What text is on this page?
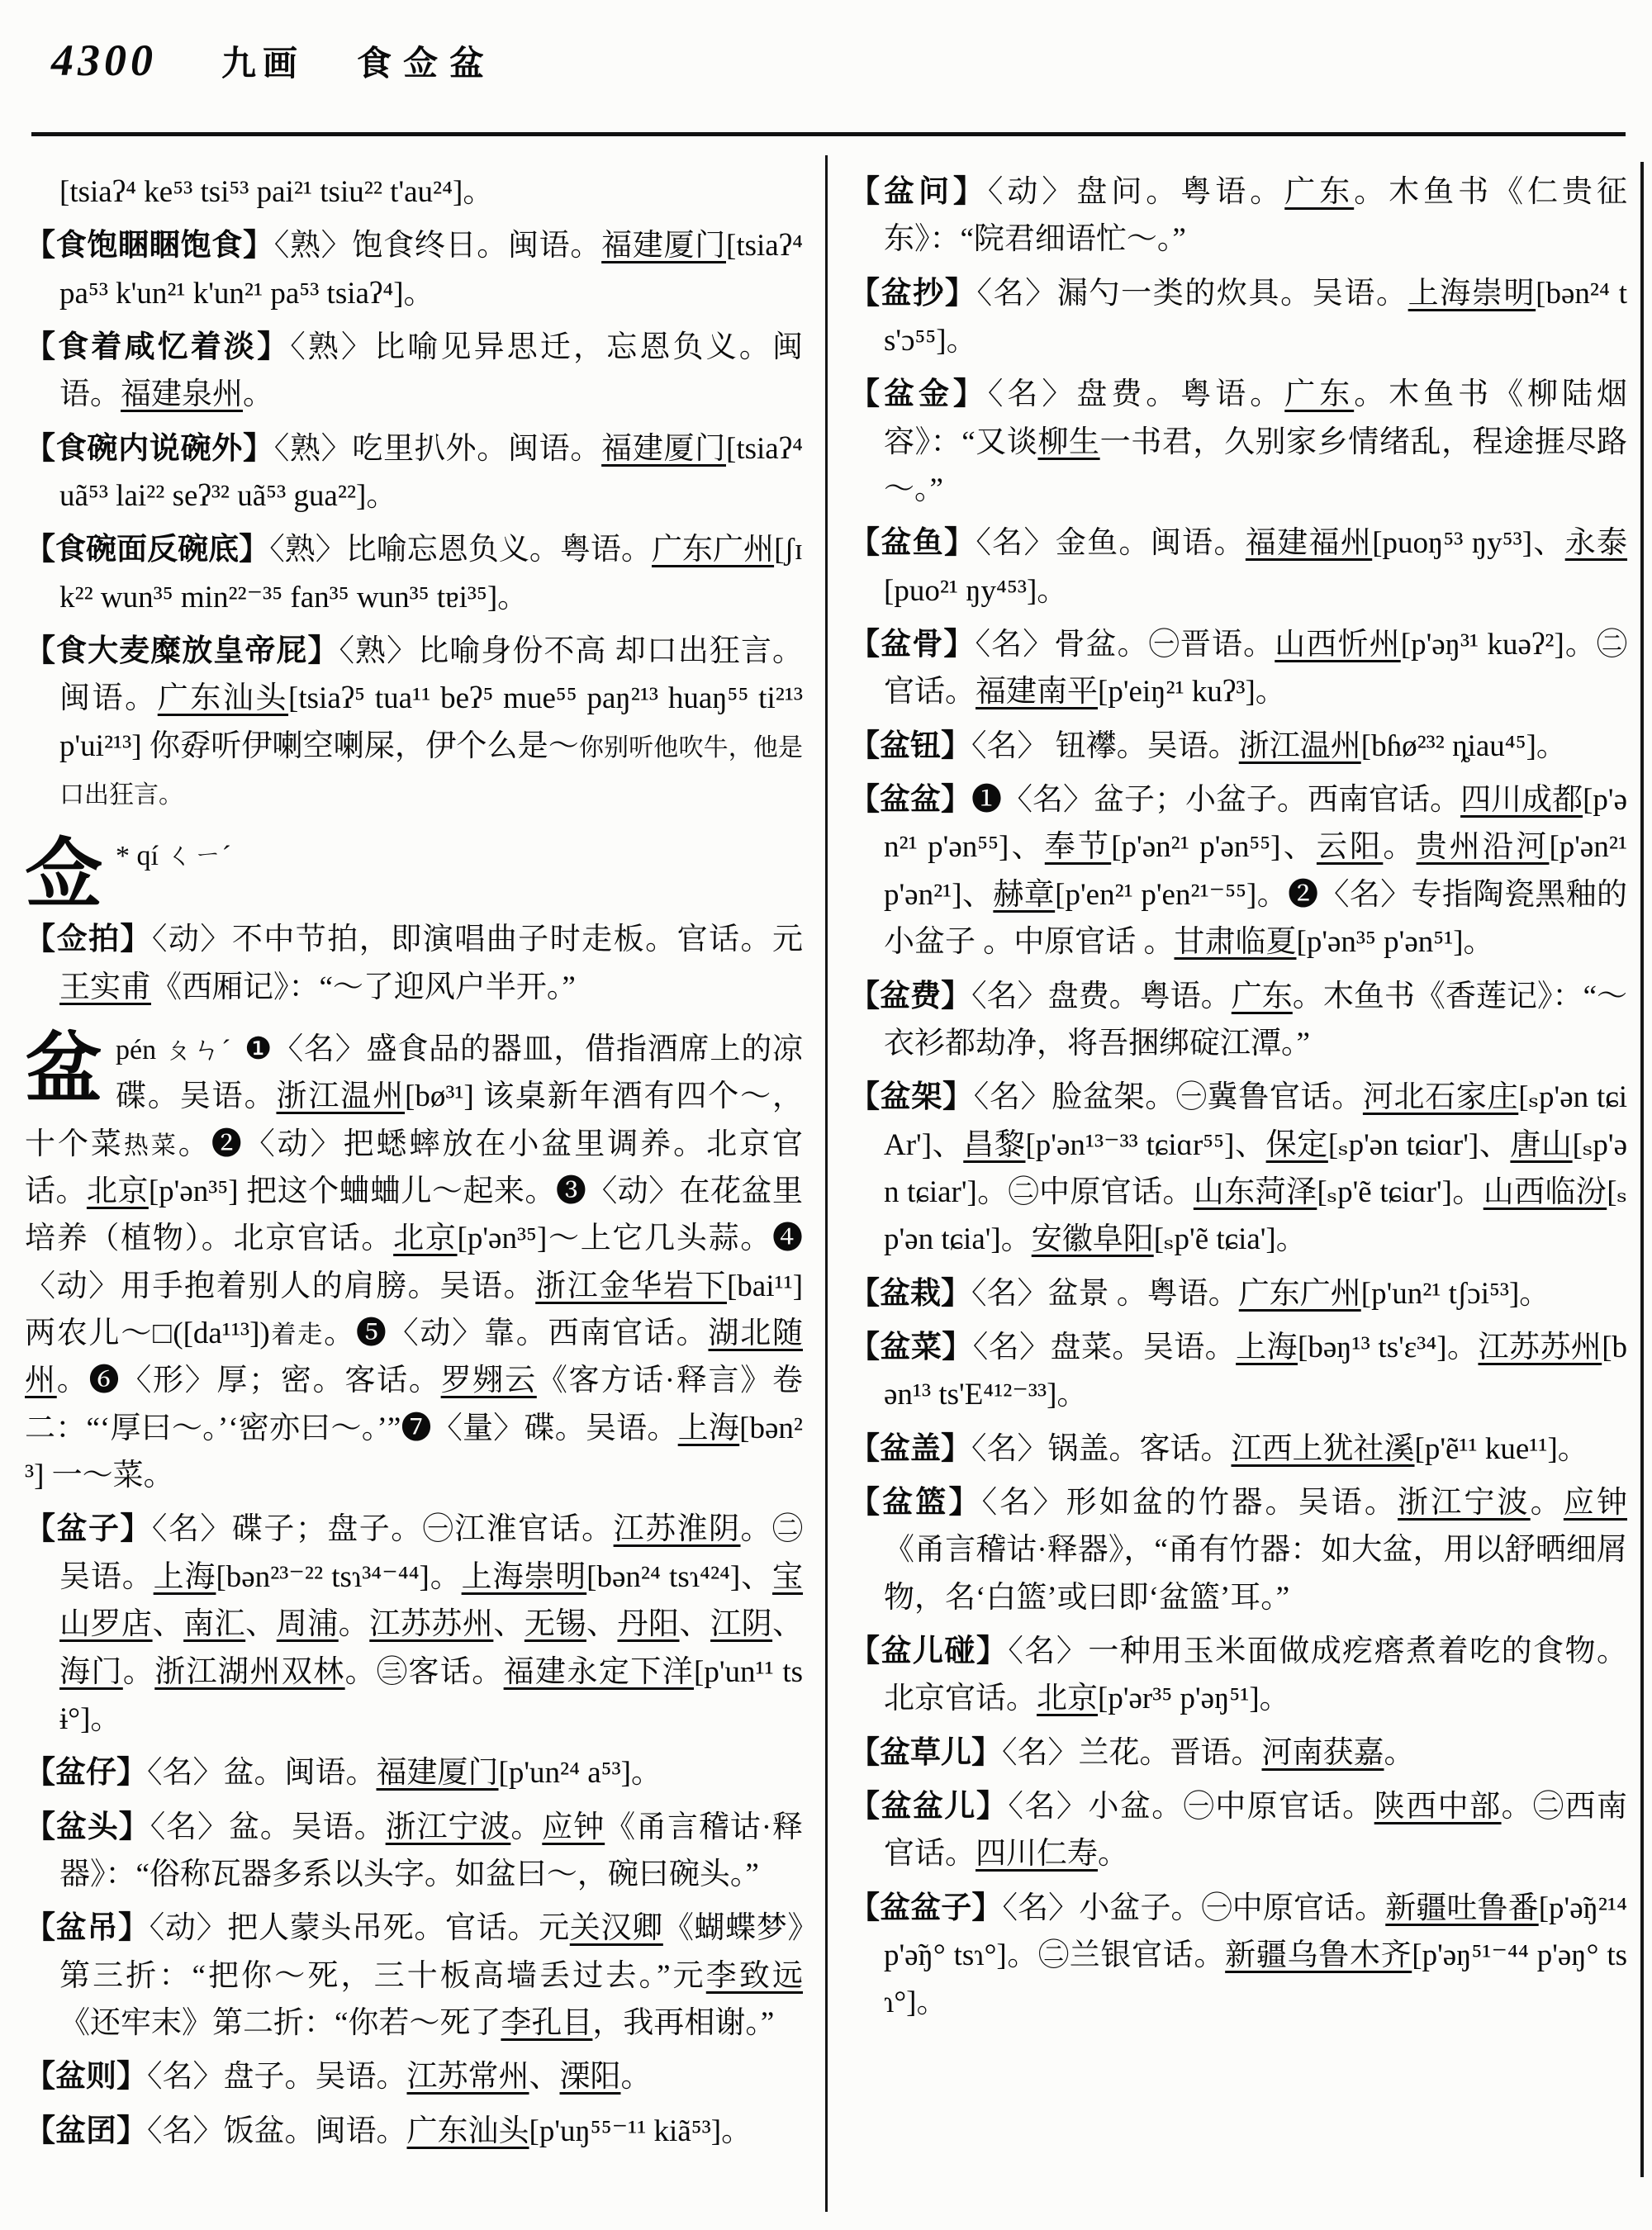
4300 九画 食佥盆
[tsiaʔ⁴ ke⁵³ tsi⁵³ pai²¹ tsiu²² t'au²⁴]。
【食饱睏睏饱食】〈熟〉饱食终日。闽语。福建厦门[tsiaʔ⁴ pa⁵³ k'un²¹ k'un²¹ pa⁵³ tsiaʔ⁴]。
【食着咸忆着淡】〈熟〉比喻见异思迁，忘恩负义。闽语。福建泉州。
【食碗内说碗外】〈熟〉吃里扒外。闽语。福建厦门[tsiaʔ⁴ uã⁵³ lai²² seʔ³² uã⁵³ gua²²]。
【食碗面反碗底】〈熟〉比喻忘恩负义。粤语。广东广州[ʃɪk²² wun³⁵ min²²⁻³⁵ fan³⁵ wun³⁵ tɐi³⁵]。
【食大麦糜放皇帝屁】〈熟〉比喻身份不高 却口出狂言。闽语。广东汕头[tsiaʔ⁵ tua¹¹ beʔ⁵ mue⁵⁵ paŋ²¹³ huaŋ⁵⁵ ti²¹³ p'ui²¹³] 你孬听伊喇空喇屎，伊个么是～你别听他吹牛，他是口出狂言。
佥 * qí ㄑㄧˊ
【佥拍】〈动〉不中节拍，即演唱曲子时走板。官话。元王实甫《西厢记》：“～了迎风户半开。”
盆pén ㄆㄣˊ ❶〈名〉盛食品的器皿，借指酒席上的凉碟。吴语。浙江温州[bø³¹] 该桌新年酒有四个～，十个菜热菜。❷〈动〉把蟋蟀放在小盆里调养。北京官话。北京[p'ən³⁵] 把这个蛐蛐儿～起来。❸〈动〉在花盆里培养（植物）。北京官话。北京[p'ən³⁵]～上它几头蒜。❹〈动〉用手抱着别人的肩膀。吴语。浙江金华岩下[bai¹¹]两农儿～□([da¹¹³])着走。❺〈动〉靠。西南官话。湖北随州。❻〈形〉厚；密。客话。罗翙云《客方话·释言》卷二：“‘厚曰～。’‘密亦曰～。’”❼〈量〉碟。吴语。上海[bən²³] 一～菜。
【盆子】〈名〉碟子；盘子。㊀江淮官话。江苏淮阴。㊁吴语。上海[bən²³⁻²² tsɿ³⁴⁻⁴⁴]。上海崇明[bən²⁴ tsɿ⁴²⁴]、宝山罗店、南汇、周浦。江苏苏州、无锡、丹阳、江阴、海门。浙江湖州双林。㊂客话。福建永定下洋[p'un¹¹ tsɨ°]。
【盆仔】〈名〉盆。闽语。福建厦门[p'un²⁴ a⁵³]。
【盆头】〈名〉盆。吴语。浙江宁波。应钟《甬言稽诂·释器》：“俗称瓦器多系以头字。如盆曰～，碗曰碗头。”
【盆吊】〈动〉把人蒙头吊死。官话。元关汉卿《蝴蝶梦》第三折：“把你～死，三十板高墙丢过去。”元李致远《还牢末》第二折：“你若～死了李孔目，我再相谢。”
【盆则】〈名〉盘子。吴语。江苏常州、溧阳。
【盆囝】〈名〉饭盆。闽语。广东汕头[p'uŋ⁵⁵⁻¹¹ kiã⁵³]。
【盆问】〈动〉盘问。粤语。广东。木鱼书《仁贵征东》：“院君细语忙～。”
【盆抄】〈名〉漏勺一类的炊具。吴语。上海崇明[bən²⁴ ts'ɔ⁵⁵]。
【盆金】〈名〉盘费。粤语。广东。木鱼书《柳陆烟容》：“又谈柳生一书君，久别家乡情绪乱，程途捱尽路～。”
【盆鱼】〈名〉金鱼。闽语。福建福州[puoŋ⁵³ ŋy⁵³]、永泰[puo²¹ ŋy⁴⁵³]。
【盆骨】〈名〉骨盆。㊀晋语。山西忻州[p'əŋ³¹ kuəʔ²]。㊁官话。福建南平[p'eiŋ²¹ kuʔ³]。
【盆钮】〈名〉 钮襻。吴语。浙江温州[bɦø²³² ȵiau⁴⁵]。
【盆盆】❶〈名〉盆子；小盆子。西南官话。四川成都[p'ən²¹ p'ən⁵⁵]、奉节[p'ən²¹ p'ən⁵⁵]、云阳。贵州沿河[p'ən²¹ p'ən²¹]、赫章[p'en²¹ p'en²¹⁻⁵⁵]。❷〈名〉专指陶瓷黑釉的小盆子 。中原官话 。甘肃临夏[p'ən³⁵ p'ən⁵¹]。
【盆费】〈名〉盘费。粤语。广东。木鱼书《香莲记》：“～衣衫都劫净，将吾捆绑碇江潭。”
【盆架】〈名〉脸盆架。㊀冀鲁官话。河北石家庄[ₛp'ən tɕiAr']、昌黎[p'ən¹³⁻³³ tɕiɑr⁵⁵]、保定[ₛp'ən tɕiɑr']、唐山[ₛp'ən tɕiar']。㊁中原官话。山东菏泽[ₛp'ẽ tɕiɑr']。山西临汾[ₛp'ən tɕia']。安徽阜阳[ₛp'ẽ tɕia']。
【盆栽】〈名〉盆景 。粤语。广东广州[p'un²¹ tʃɔi⁵³]。
【盆菜】〈名〉盘菜。吴语。上海[bəŋ¹³ ts'ε³⁴]。江苏苏州[bən¹³ ts'E⁴¹²⁻³³]。
【盆盖】〈名〉锅盖。客话。江西上犹社溪[p'ẽ¹¹ kue¹¹]。
【盆篮】〈名〉形如盆的竹器。吴语。浙江宁波。应钟《甬言稽诂·释器》，“甬有竹器：如大盆，用以舒晒细屑物，名‘白篮’或曰即‘盆篮’耳。”
【盆儿碰】〈名〉一种用玉米面做成疙瘩煮着吃的食物。北京官话。北京[p'ər³⁵ p'əŋ⁵¹]。
【盆草儿】〈名〉兰花。晋语。河南获嘉。
【盆盆儿】〈名〉小盆。㊀中原官话。陕西中部。㊁西南官话。四川仁寿。
【盆盆子】〈名〉小盆子。㊀中原官话。新疆吐鲁番[p'ə̃ŋ²¹⁴ p'ə̃ŋ° tsɿ°]。㊁兰银官话。新疆乌鲁木齐[p'əŋ⁵¹⁻⁴⁴ p'əŋ° tsɿ°]。
